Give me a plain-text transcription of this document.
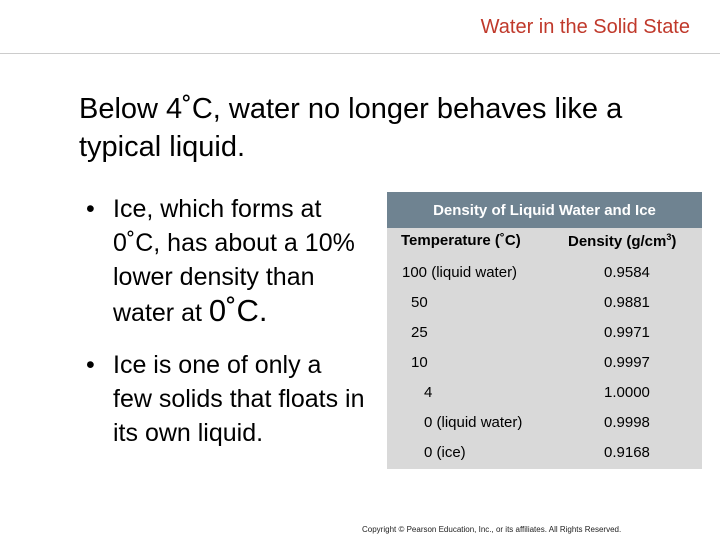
Water in the Solid State
Below 4˚C, water no longer behaves like a typical liquid.
• Ice, which forms at 0˚C, has about a 10% lower density than water at 0˚C.
• Ice is one of only a few solids that floats in its own liquid.
Density of Liquid Water and Ice
Temperature (˚C)	Density $(g/cm^3)$
100 (liquid water)	0.9584
50	0.9881
25	0.9971
10	0.9997
4	1.0000
0 (liquid water)	0.9998
0 (ice)	0.9168
Copyright © Pearson Education, Inc., or its affiliates. All Rights Reserved.
